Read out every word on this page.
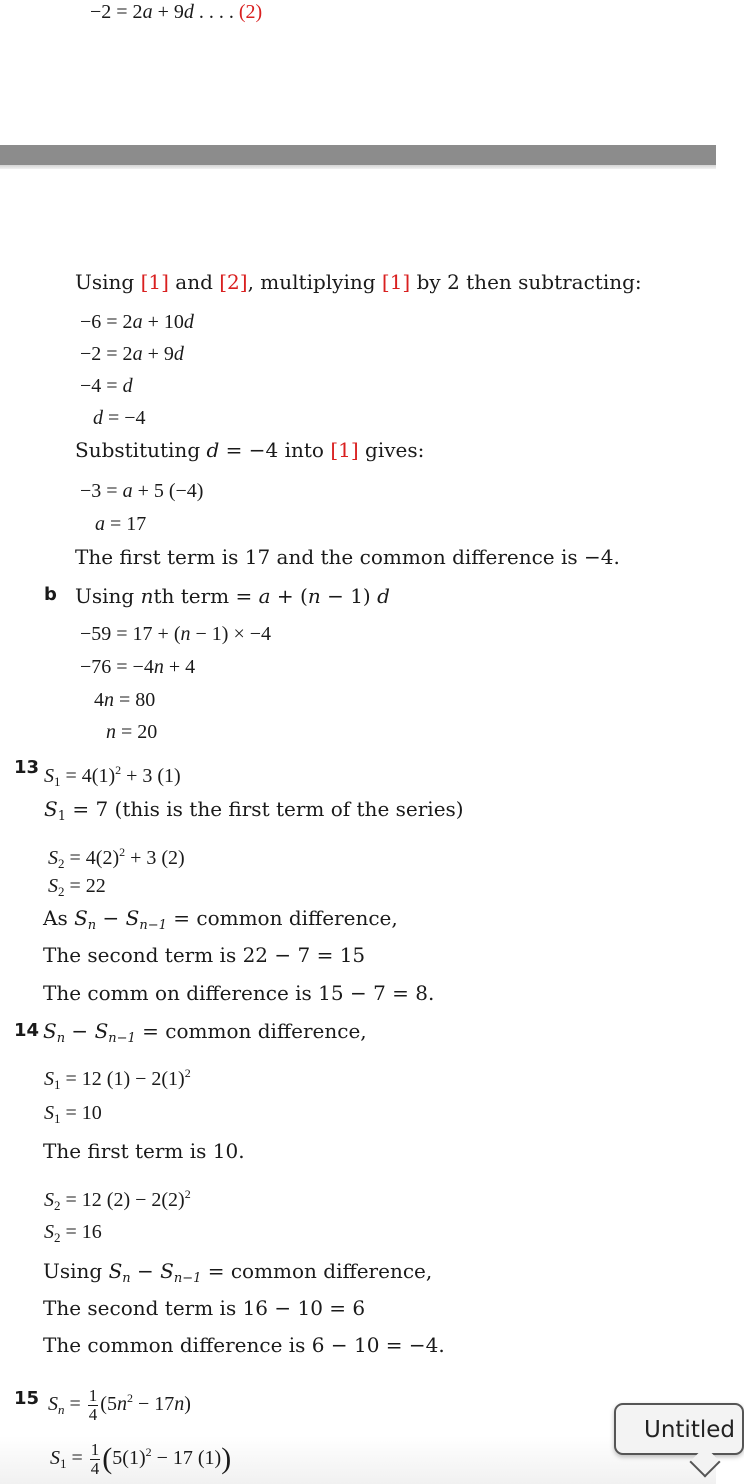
−2 = 2a + 9d . . . . (2)
Using [1] and [2], multiplying [1] by 2 then subtracting:
−6 = 2a + 10d
−2 = 2a + 9d
−4 = d
d = −4
Substituting d = −4 into [1] gives:
−3 = a + 5 (−4)
a = 17
The first term is 17 and the common difference is −4.
b Using nth term = a + (n − 1) d
−59 = 17 + (n − 1) × −4
−76 = −4n + 4
4n = 80
n = 20
13 $S_1 = 4(1)^2 + 3$ (1)
$S_1 = 7$ (this is the first term of the series)
$S_2 = 4(2)^2 + 3$ (2)
$S_2 = 22$
As $S_n - S_{n-1}$ = common difference,
The second term is 22 − 7 = 15
The comm on difference is 15 − 7 = 8.
14 $S_n - S_{n-1}$ = common difference,
$S_1 = 12$ $(1) - 2(1)^2$
$S_1 = 10$
The first term is 10.
$S_2 = 12$ $(2) - 2(2)^2$
$S_2 = 16$
Using $S_n - S_{n-1}$ = common difference,
The second term is 16 − 10 = 6
The common difference is 6 − 10 = −4.
15 $S_n = \frac{1}{4} (5n^2 - 17n)$
$S_1 = \frac{1}{4} (5(1)^2 - 17$ (1))
Untitled
